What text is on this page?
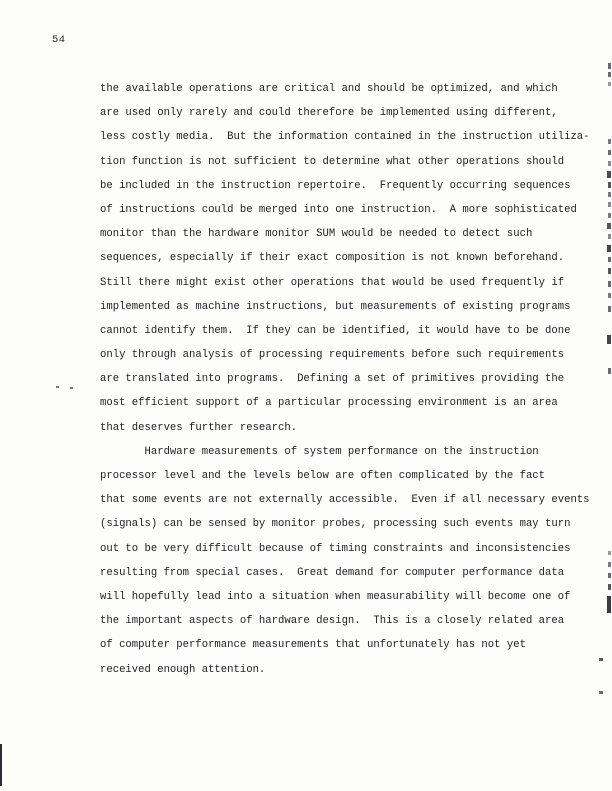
54
the available operations are critical and should be optimized, and which
are used only rarely and could therefore be implemented using different,
less costly media.  But the information contained in the instruction utiliza-
tion function is not sufficient to determine what other operations should
be included in the instruction repertoire.  Frequently occurring sequences
of instructions could be merged into one instruction.  A more sophisticated
monitor than the hardware monitor SUM would be needed to detect such
sequences, especially if their exact composition is not known beforehand.
Still there might exist other operations that would be used frequently if
implemented as machine instructions, but measurements of existing programs
cannot identify them.  If they can be identified, it would have to be done
only through analysis of processing requirements before such requirements
are translated into programs.  Defining a set of primitives providing the
most efficient support of a particular processing environment is an area
that deserves further research.
Hardware measurements of system performance on the instruction
processor level and the levels below are often complicated by the fact
that some events are not externally accessible.  Even if all necessary events
(signals) can be sensed by monitor probes, processing such events may turn
out to be very difficult because of timing constraints and inconsistencies
resulting from special cases.  Great demand for computer performance data
will hopefully lead into a situation when measurability will become one of
the important aspects of hardware design.  This is a closely related area
of computer performance measurements that unfortunately has not yet
received enough attention.
